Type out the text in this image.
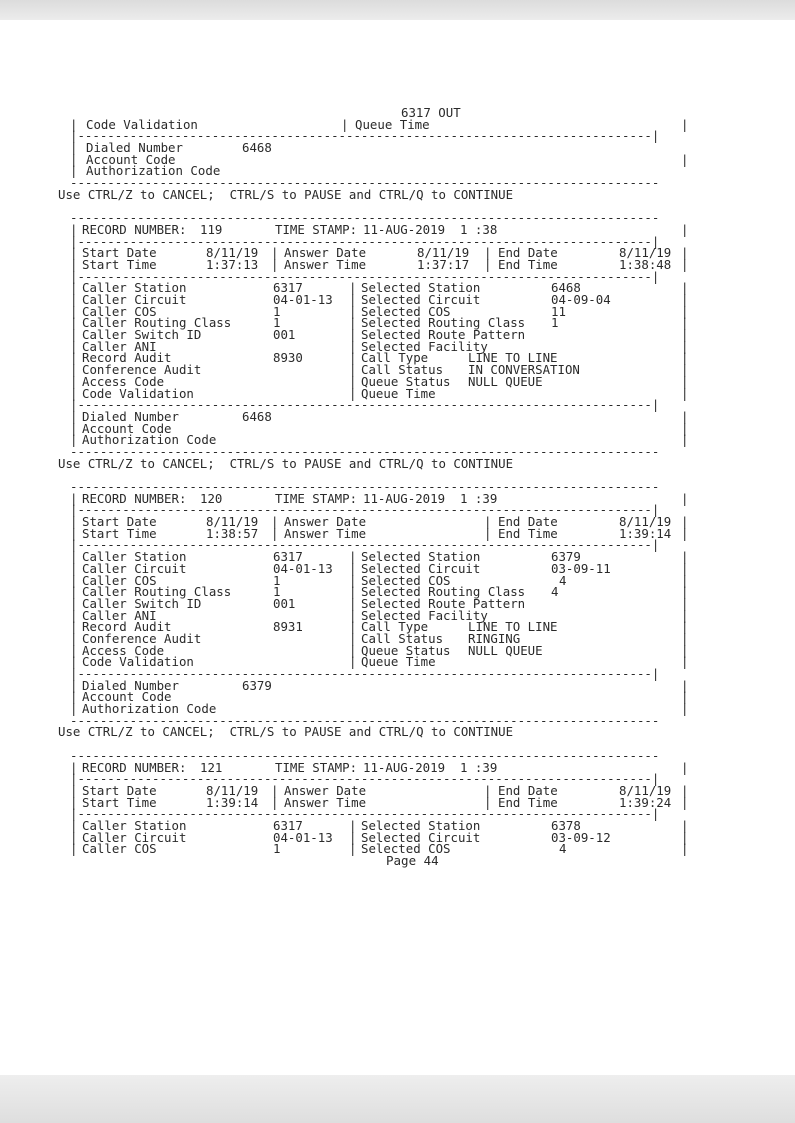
6317 OUT
| Code Validation	| Queue Time	|
|-----------------------------------------------------------------------------|
| Dialed Number	6468
| Account Code	|
| Authorization Code
-------------------------------------------------------------------------------
Use CTRL/Z to CANCEL;  CTRL/S to PAUSE and CTRL/Q to CONTINUE
-------------------------------------------------------------------------------
| RECORD NUMBER: 119	TIME STAMP: 11-AUG-2019  1 :38	|
|-----------------------------------------------------------------------------|
| Start Date	8/11/19 | Answer Date	8/11/19 | End Date	8/11/19 |
| Start Time	1:37:13 | Answer Time	1:37:17 | End Time	1:38:48 |
|-----------------------------------------------------------------------------|
| Caller Station	6317	| Selected Station	6468	|
| Caller Circuit	04-01-13 | Selected Circuit	04-09-04	|
| Caller COS	1	| Selected COS	11	|
| Caller Routing Class	1	| Selected Routing Class 1	|
| Caller Switch ID	001	| Selected Route Pattern	|
| Caller ANI	| Selected Facility	|
| Record Audit	8930	| Call Type	LINE TO LINE	|
| Conference Audit	| Call Status IN CONVERSATION	|
| Access Code	| Queue Status NULL QUEUE	|
| Code Validation	| Queue Time	|
|-----------------------------------------------------------------------------|
| Dialed Number	6468	|
| Account Code	|
| Authorization Code	|
-------------------------------------------------------------------------------
Use CTRL/Z to CANCEL;  CTRL/S to PAUSE and CTRL/Q to CONTINUE
-------------------------------------------------------------------------------
| RECORD NUMBER: 120	TIME STAMP: 11-AUG-2019  1 :39	|
|-----------------------------------------------------------------------------|
| Start Date	8/11/19 | Answer Date	| End Date	8/11/19 |
| Start Time	1:38:57 | Answer Time	| End Time	1:39:14 |
|-----------------------------------------------------------------------------|
| Caller Station	6317	| Selected Station	6379	|
| Caller Circuit	04-01-13 | Selected Circuit	03-09-11	|
| Caller COS	1	| Selected COS	4	|
| Caller Routing Class	1	| Selected Routing Class 4	|
| Caller Switch ID	001	| Selected Route Pattern	|
| Caller ANI	| Selected Facility	|
| Record Audit	8931	| Call Type	LINE TO LINE	|
| Conference Audit	| Call Status RINGING	|
| Access Code	| Queue Status NULL QUEUE	|
| Code Validation	| Queue Time	|
|-----------------------------------------------------------------------------|
| Dialed Number	6379	|
| Account Code	|
| Authorization Code	|
-------------------------------------------------------------------------------
Use CTRL/Z to CANCEL;  CTRL/S to PAUSE and CTRL/Q to CONTINUE
-------------------------------------------------------------------------------
| RECORD NUMBER: 121	TIME STAMP: 11-AUG-2019  1 :39	|
|-----------------------------------------------------------------------------|
| Start Date	8/11/19 | Answer Date	| End Date	8/11/19 |
| Start Time	1:39:14 | Answer Time	| End Time	1:39:24 |
|-----------------------------------------------------------------------------|
| Caller Station	6317	| Selected Station	6378	|
| Caller Circuit	04-01-13 | Selected Circuit	03-09-12	|
| Caller COS	1	| Selected COS	4	|
Page 44
